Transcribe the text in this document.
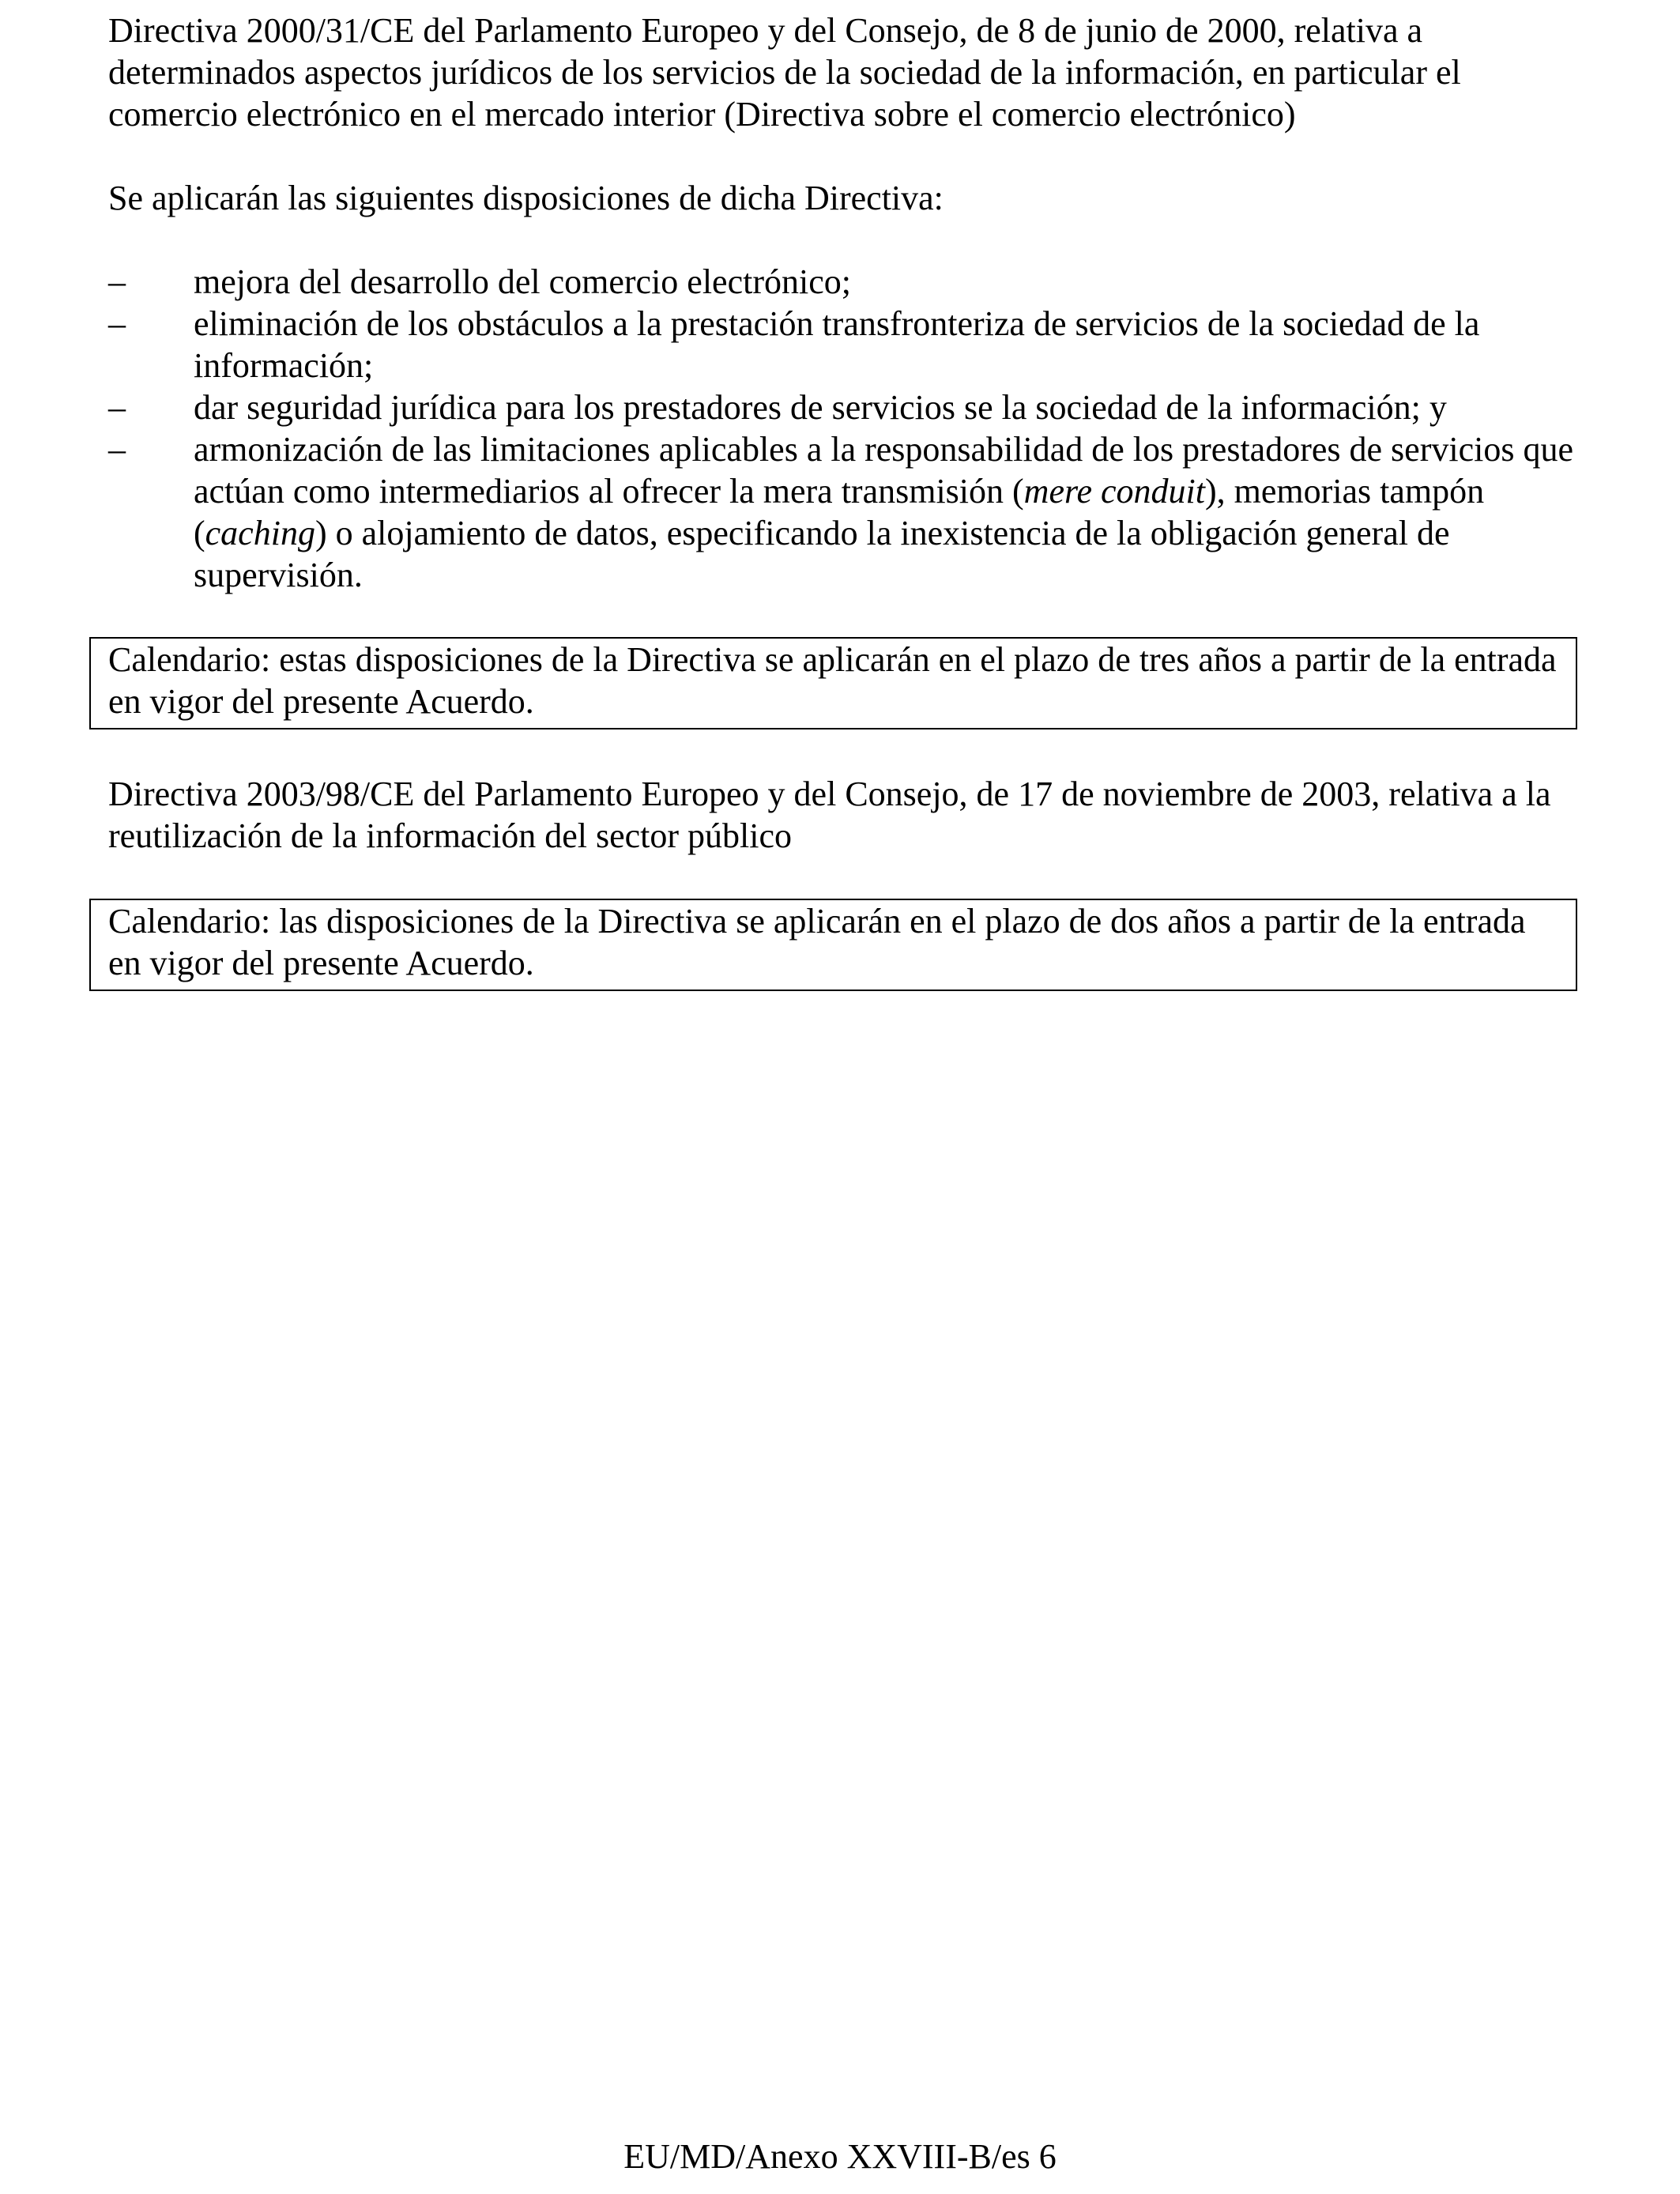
Directiva 2000/31/CE del Parlamento Europeo y del Consejo, de 8 de junio de 2000, relativa a determinados aspectos jurídicos de los servicios de la sociedad de la información, en particular el comercio electrónico en el mercado interior (Directiva sobre el comercio electrónico)

Se aplicarán las siguientes disposiciones de dicha Directiva:

– mejora del desarrollo del comercio electrónico;
– eliminación de los obstáculos a la prestación transfronteriza de servicios de la sociedad de la información;
– dar seguridad jurídica para los prestadores de servicios se la sociedad de la información; y
– armonización de las limitaciones aplicables a la responsabilidad de los prestadores de servicios que actúan como intermediarios al ofrecer la mera transmisión (mere conduit), memorias tampón (caching) o alojamiento de datos, especificando la inexistencia de la obligación general de supervisión.

Calendario: estas disposiciones de la Directiva se aplicarán en el plazo de tres años a partir de la entrada en vigor del presente Acuerdo.

Directiva 2003/98/CE del Parlamento Europeo y del Consejo, de 17 de noviembre de 2003, relativa a la reutilización de la información del sector público

Calendario: las disposiciones de la Directiva se aplicarán en el plazo de dos años a partir de la entrada en vigor del presente Acuerdo.

EU/MD/Anexo XXVIII-B/es 6
